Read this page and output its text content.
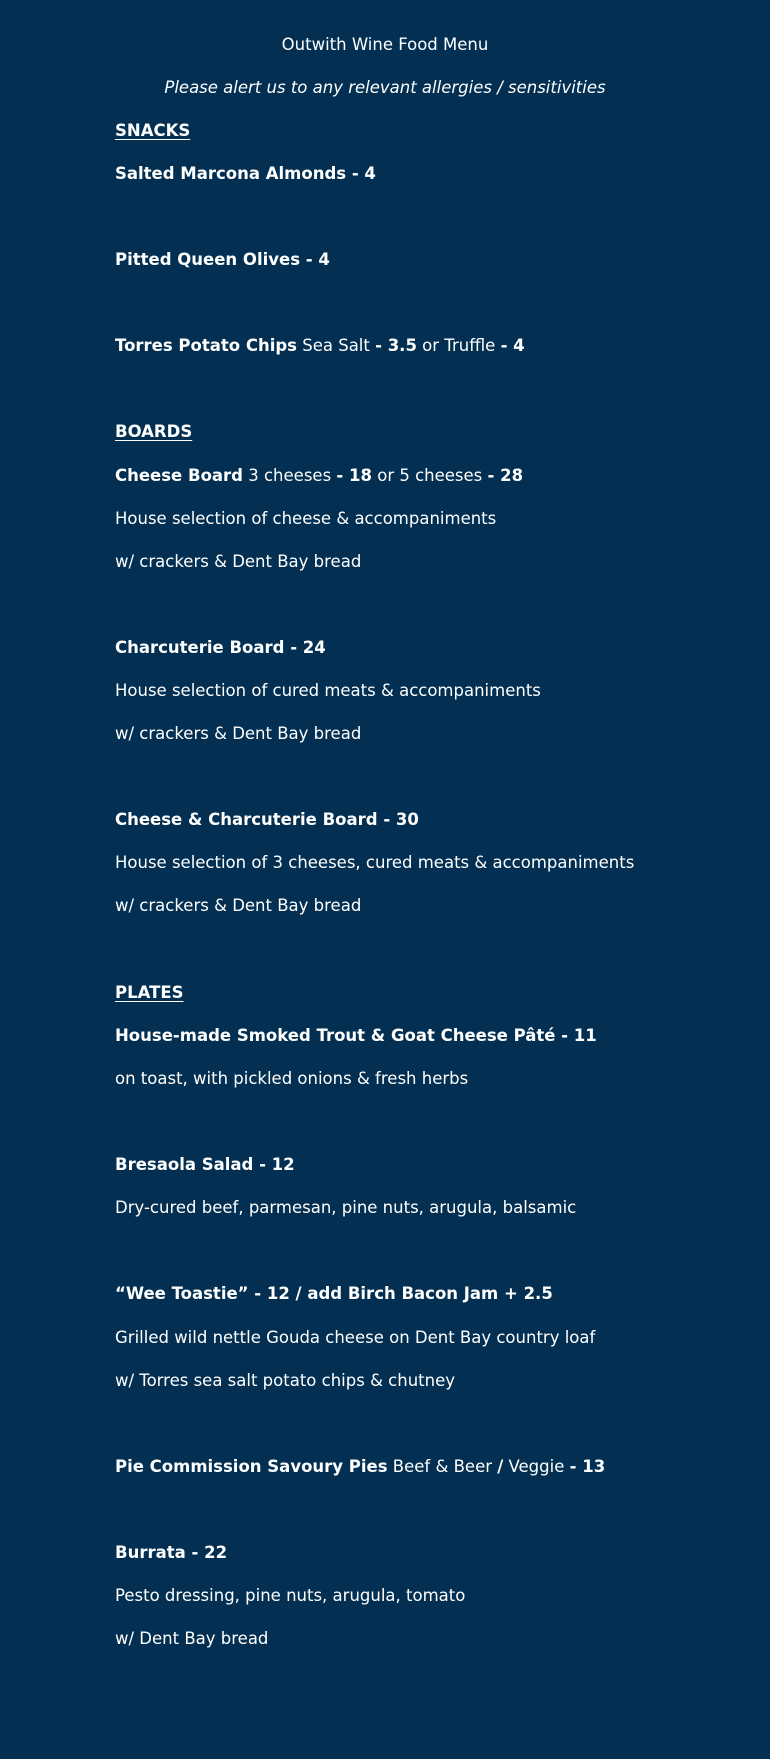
Outwith Wine Food Menu
Please alert us to any relevant allergies / sensitivities
SNACKS
Salted Marcona Almonds - 4
Pitted Queen Olives - 4
Torres Potato Chips Sea Salt - 3.5 or Truffle - 4
BOARDS
Cheese Board 3 cheeses - 18 or 5 cheeses - 28
House selection of cheese & accompaniments
w/ crackers & Dent Bay bread
Charcuterie Board - 24
House selection of cured meats & accompaniments
w/ crackers & Dent Bay bread
Cheese & Charcuterie Board - 30
House selection of 3 cheeses, cured meats & accompaniments
w/ crackers & Dent Bay bread
PLATES
House-made Smoked Trout & Goat Cheese Pâté - 11
on toast, with pickled onions & fresh herbs
Bresaola Salad - 12
Dry-cured beef, parmesan, pine nuts, arugula, balsamic
“Wee Toastie” - 12 / add Birch Bacon Jam + 2.5
Grilled wild nettle Gouda cheese on Dent Bay country loaf
w/ Torres sea salt potato chips & chutney
Pie Commission Savoury Pies Beef & Beer / Veggie - 13
Burrata - 22
Pesto dressing, pine nuts, arugula, tomato
w/ Dent Bay bread
